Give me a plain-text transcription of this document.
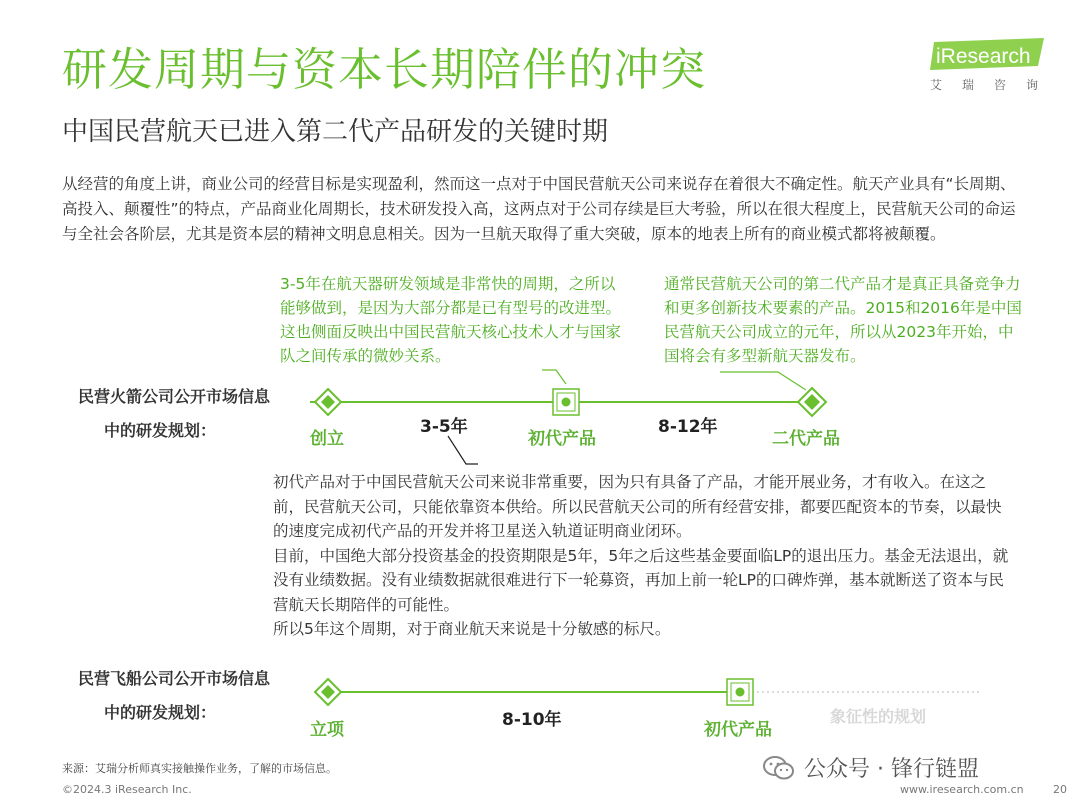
研发周期与资本长期陪伴的冲突
中国民营航天已进入第二代产品研发的关键时期
iResearch
艾瑞咨询
从经营的角度上讲，商业公司的经营目标是实现盈利，然而这一点对于中国民营航天公司来说存在着很大不确定性。航天产业具有“长周期、高投入、颠覆性”的特点，产品商业化周期长，技术研发投入高，这两点对于公司存续是巨大考验，所以在很大程度上，民营航天公司的命运与全社会各阶层，尤其是资本层的精神文明息息相关。因为一旦航天取得了重大突破，原本的地表上所有的商业模式都将被颠覆。
3-5年在航天器研发领域是非常快的周期，之所以能够做到，是因为大部分都是已有型号的改进型。这也侧面反映出中国民营航天核心技术人才与国家队之间传承的微妙关系。
通常民营航天公司的第二代产品才是真正具备竞争力和更多创新技术要素的产品。2015和2016年是中国民营航天公司成立的元年，所以从2023年开始，中国将会有多型新航天器发布。
民营火箭公司公开市场信息
中的研发规划：	创立
3-5年
初代产品
8-12年
二代产品
初代产品对于中国民营航天公司来说非常重要，因为只有具备了产品，才能开展业务，才有收入。在这之前，民营航天公司，只能依靠资本供给。所以民营航天公司的所有经营安排，都要匹配资本的节奏，以最快的速度完成初代产品的开发并将卫星送入轨道证明商业闭环。
目前，中国绝大部分投资基金的投资期限是5年，5年之后这些基金要面临LP的退出压力。基金无法退出，就没有业绩数据。没有业绩数据就很难进行下一轮募资，再加上前一轮LP的口碑炸弹，基本就断送了资本与民营航天长期陪伴的可能性。
所以5年这个周期，对于商业航天来说是十分敏感的标尺。
民营飞船公司公开市场信息
中的研发规划：
立项	8-10年	初代产品
象征性的规划
来源：艾瑞分析师真实接触操作业务，了解的市场信息。
©2024.3 iResearch Inc.
公众号 · 锋行链盟
www.iresearch.com.cn	20
